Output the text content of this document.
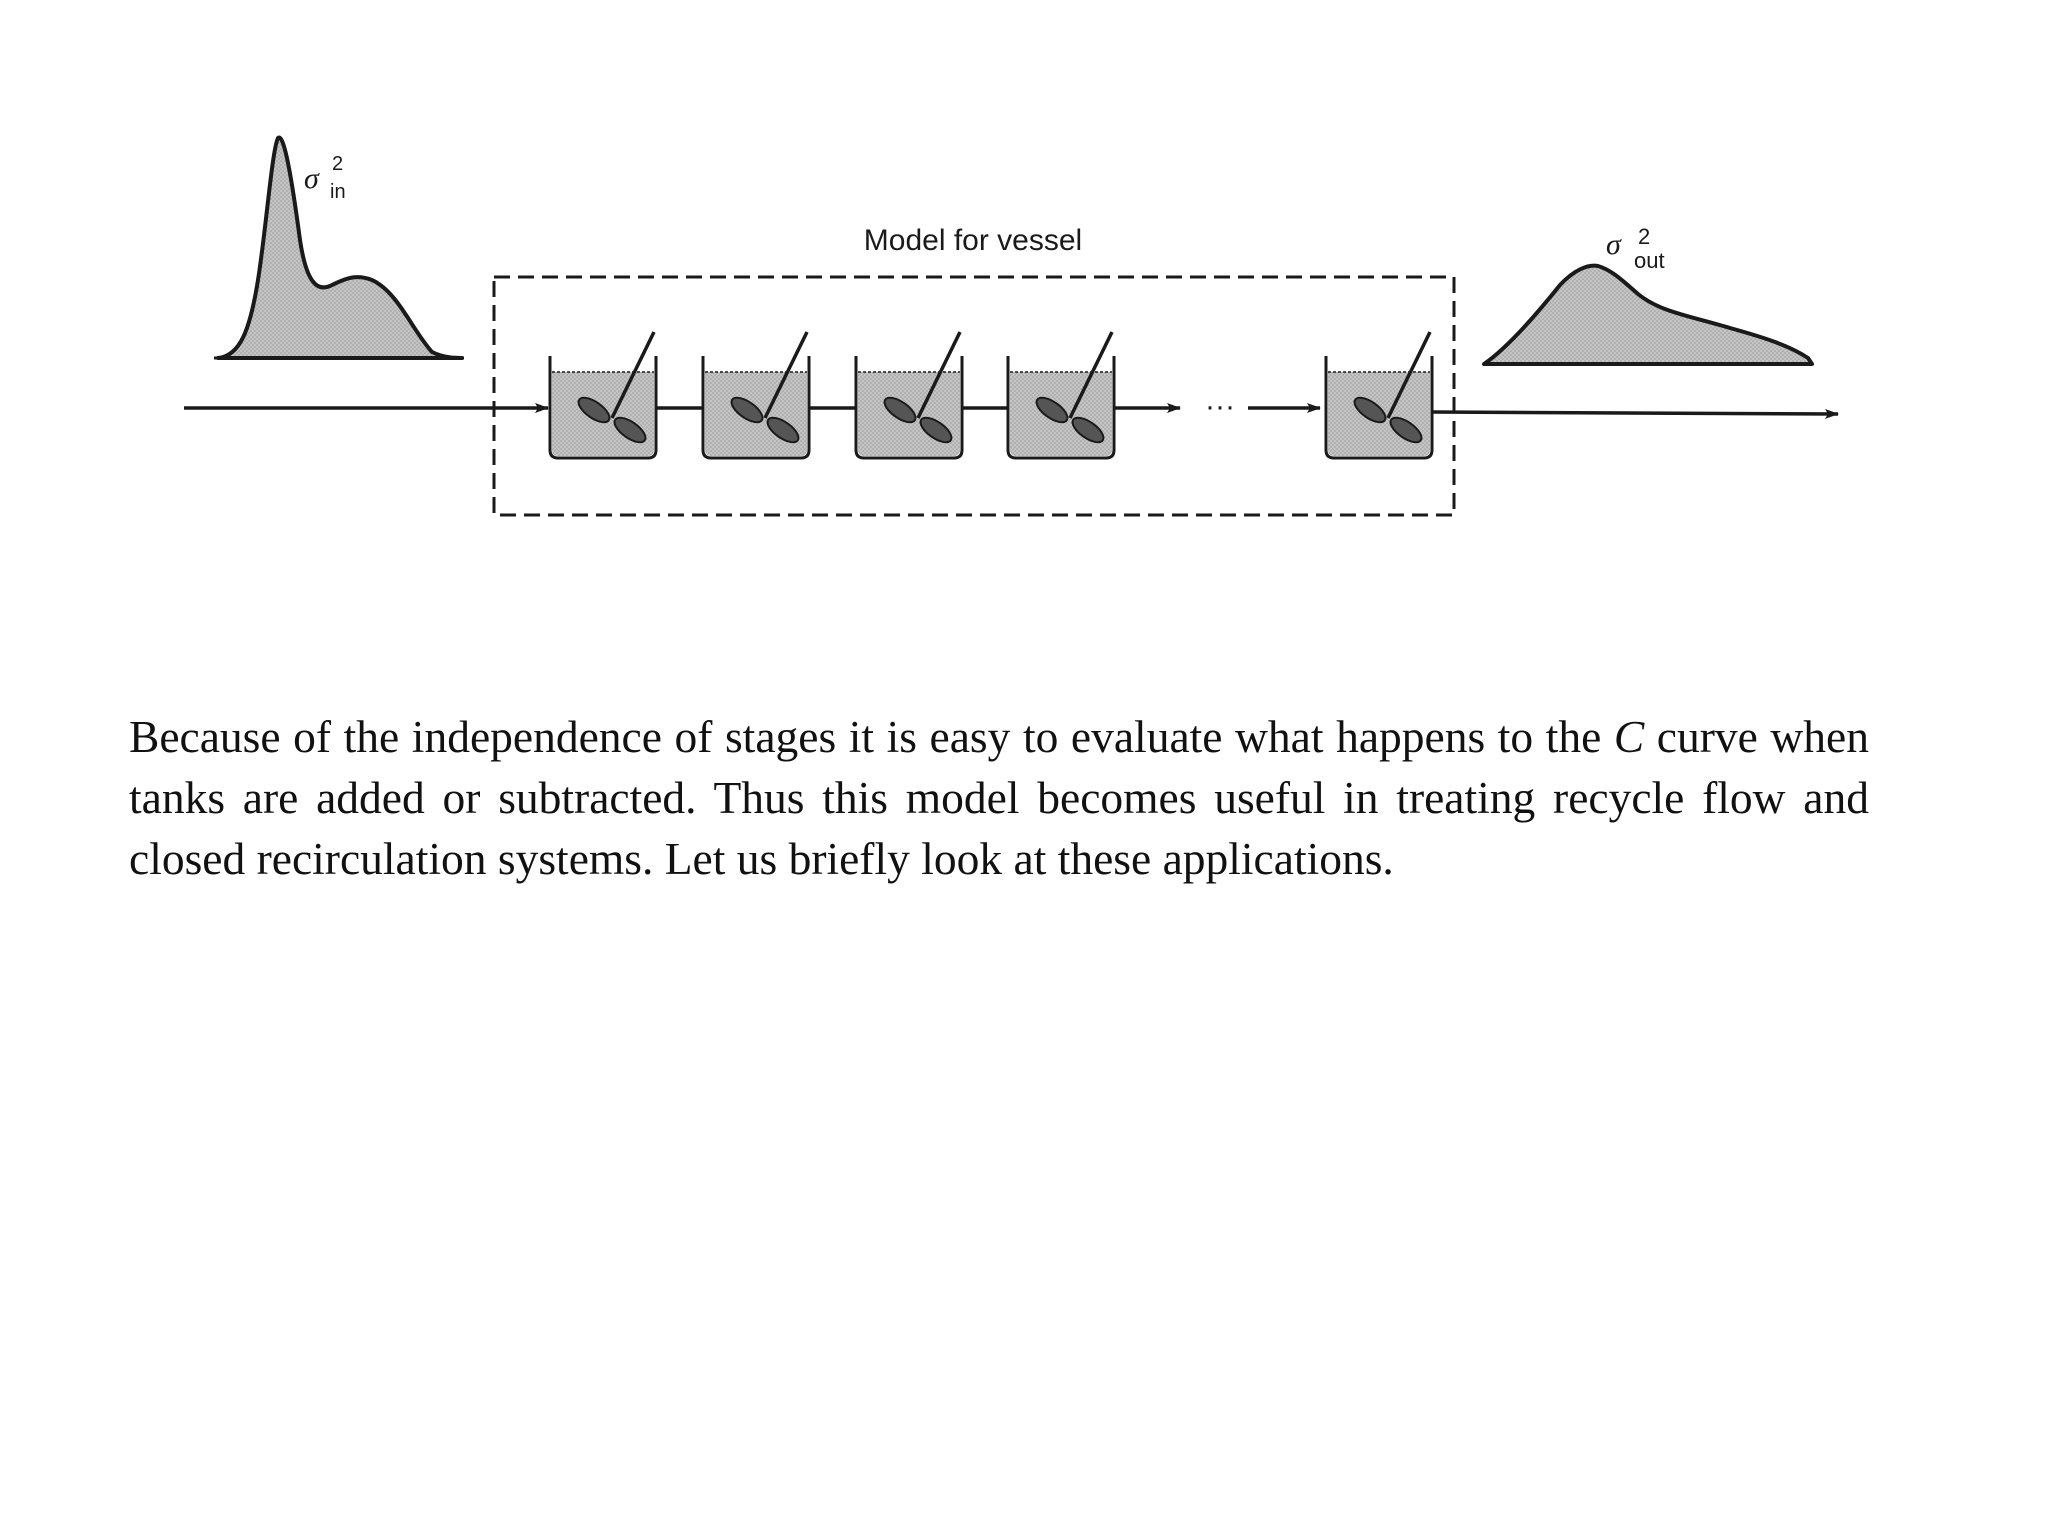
σ 2
in
σ 2
out
Model for vessel
···

Because of the independence of stages it is easy to evaluate what happens to the C curve when tanks are added or subtracted. Thus this model becomes useful in treating recycle flow and closed recirculation systems. Let us briefly look at these applications.
